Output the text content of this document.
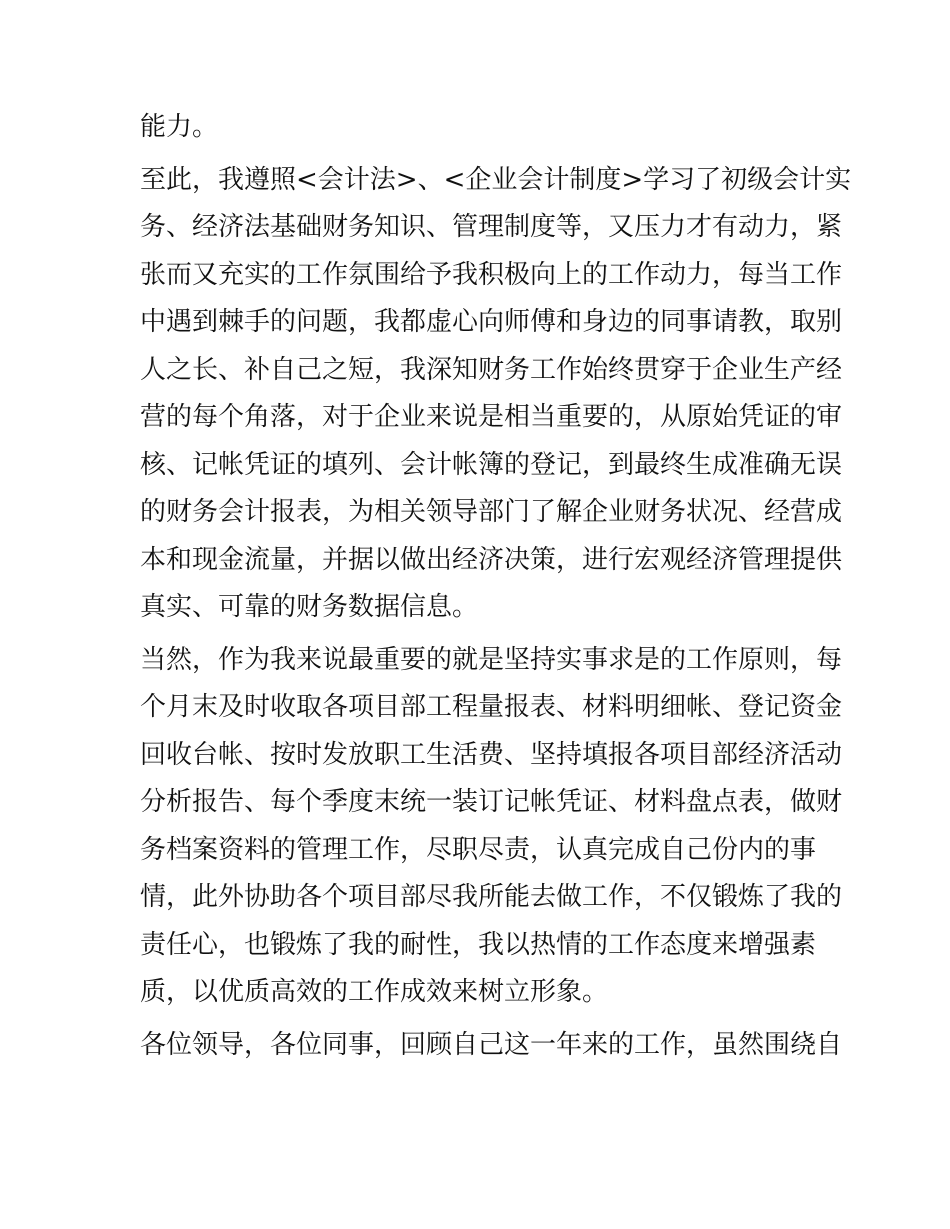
能力。

至此，我遵照<会计法>、<企业会计制度>学习了初级会计实
务、经济法基础财务知识、管理制度等，又压力才有动力，紧
张而又充实的工作氛围给予我积极向上的工作动力，每当工作
中遇到棘手的问题，我都虚心向师傅和身边的同事请教，取别
人之长、补自己之短，我深知财务工作始终贯穿于企业生产经
营的每个角落，对于企业来说是相当重要的，从原始凭证的审
核、记帐凭证的填列、会计帐簿的登记，到最终生成准确无误
的财务会计报表，为相关领导部门了解企业财务状况、经营成
本和现金流量，并据以做出经济决策，进行宏观经济管理提供
真实、可靠的财务数据信息。

当然，作为我来说最重要的就是坚持实事求是的工作原则，每
个月末及时收取各项目部工程量报表、材料明细帐、登记资金
回收台帐、按时发放职工生活费、坚持填报各项目部经济活动
分析报告、每个季度末统一装订记帐凭证、材料盘点表，做财
务档案资料的管理工作，尽职尽责，认真完成自己份内的事
情，此外协助各个项目部尽我所能去做工作，不仅锻炼了我的
责任心，也锻炼了我的耐性，我以热情的工作态度来增强素
质，以优质高效的工作成效来树立形象。

各位领导，各位同事，回顾自己这一年来的工作，虽然围绕自
